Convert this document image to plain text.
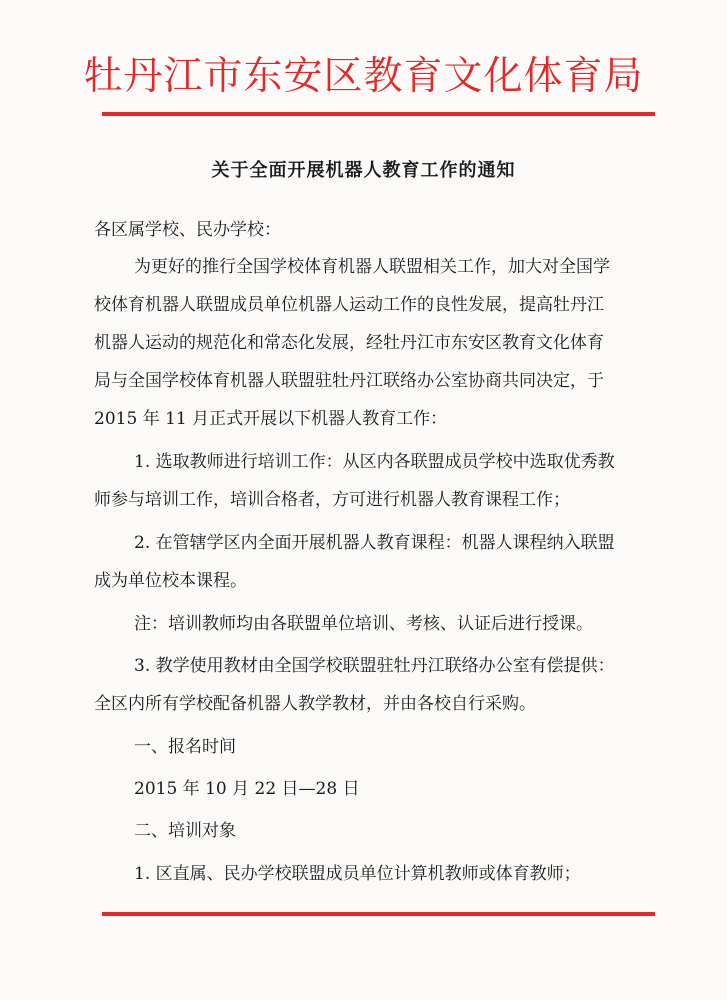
牡丹江市东安区教育文化体育局
关于全面开展机器人教育工作的通知
各区属学校、民办学校：
为更好的推行全国学校体育机器人联盟相关工作，加大对全国学
校体育机器人联盟成员单位机器人运动工作的良性发展，提高牡丹江
机器人运动的规范化和常态化发展，经牡丹江市东安区教育文化体育
局与全国学校体育机器人联盟驻牡丹江联络办公室协商共同决定，于
2015 年 11 月正式开展以下机器人教育工作：
1. 选取教师进行培训工作：从区内各联盟成员学校中选取优秀教
师参与培训工作，培训合格者，方可进行机器人教育课程工作；
2. 在管辖学区内全面开展机器人教育课程：机器人课程纳入联盟
成为单位校本课程。
注：培训教师均由各联盟单位培训、考核、认证后进行授课。
3. 教学使用教材由全国学校联盟驻牡丹江联络办公室有偿提供：
全区内所有学校配备机器人教学教材，并由各校自行采购。
一、报名时间
2015 年 10 月 22 日—28 日
二、培训对象
1. 区直属、民办学校联盟成员单位计算机教师或体育教师；
